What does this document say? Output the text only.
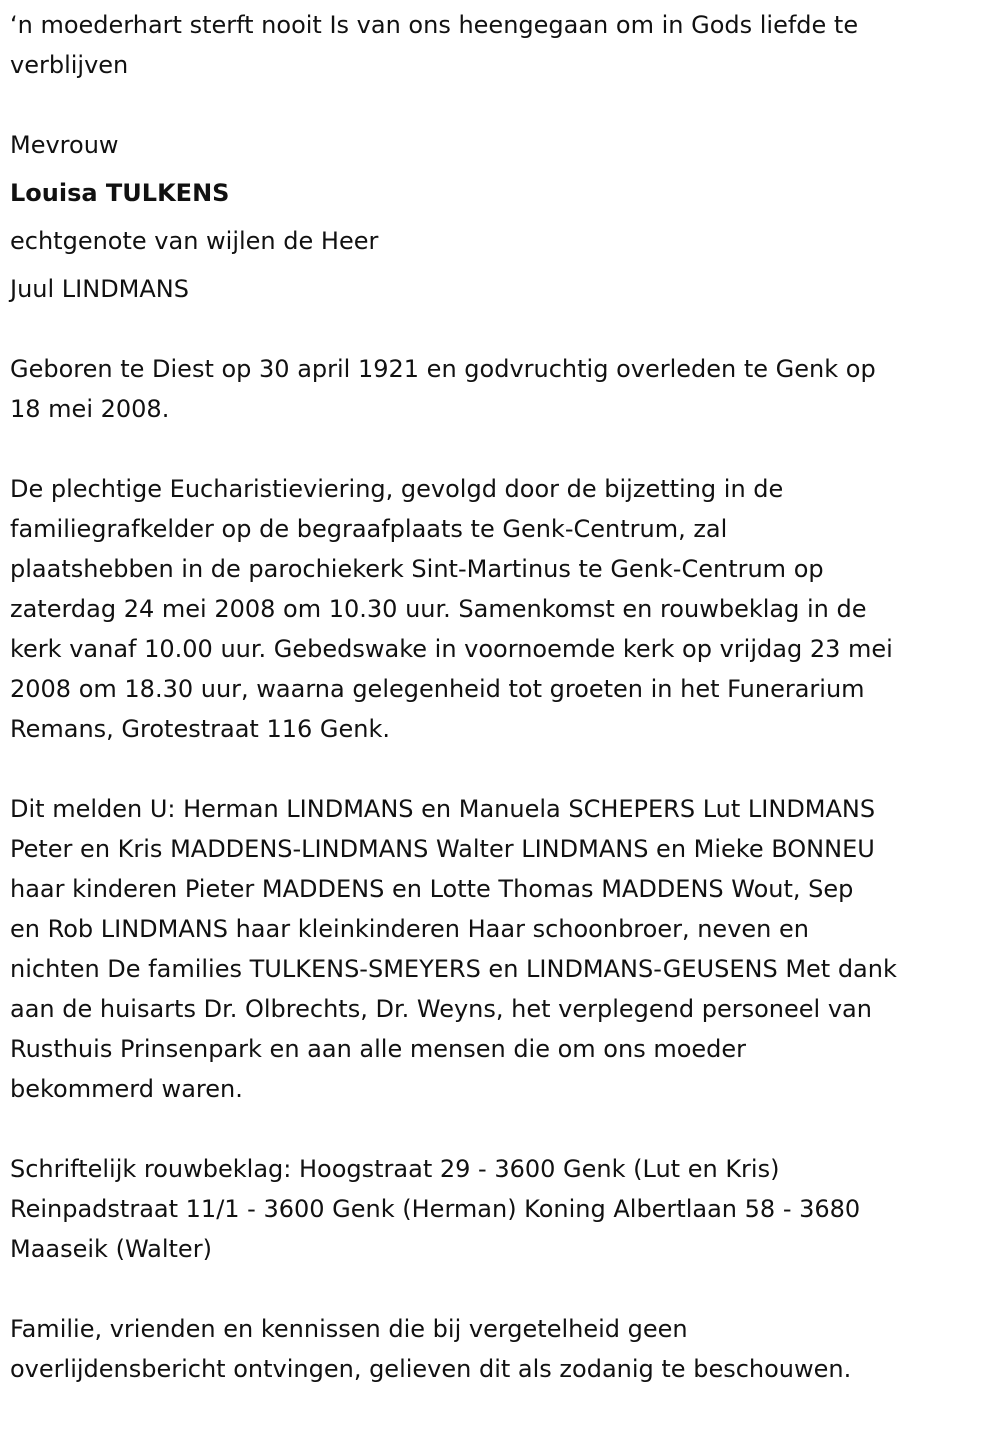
‘n moederhart sterft nooit Is van ons heengegaan om in Gods liefde te
verblijven
Mevrouw
Louisa TULKENS
echtgenote van wijlen de Heer
Juul LINDMANS
Geboren te Diest op 30 april 1921 en godvruchtig overleden te Genk op
18 mei 2008.
De plechtige Eucharistieviering, gevolgd door de bijzetting in de
familiegrafkelder op de begraafplaats te Genk-Centrum, zal
plaatshebben in de parochiekerk Sint-Martinus te Genk-Centrum op
zaterdag 24 mei 2008 om 10.30 uur. Samenkomst en rouwbeklag in de
kerk vanaf 10.00 uur. Gebedswake in voornoemde kerk op vrijdag 23 mei
2008 om 18.30 uur, waarna gelegenheid tot groeten in het Funerarium
Remans, Grotestraat 116 Genk.
Dit melden U: Herman LINDMANS en Manuela SCHEPERS Lut LINDMANS
Peter en Kris MADDENS-LINDMANS Walter LINDMANS en Mieke BONNEU
haar kinderen Pieter MADDENS en Lotte Thomas MADDENS Wout, Sep
en Rob LINDMANS haar kleinkinderen Haar schoonbroer, neven en
nichten De families TULKENS-SMEYERS en LINDMANS-GEUSENS Met dank
aan de huisarts Dr. Olbrechts, Dr. Weyns, het verplegend personeel van
Rusthuis Prinsenpark en aan alle mensen die om ons moeder
bekommerd waren.
Schriftelijk rouwbeklag: Hoogstraat 29 - 3600 Genk (Lut en Kris)
Reinpadstraat 11/1 - 3600 Genk (Herman) Koning Albertlaan 58 - 3680
Maaseik (Walter)
Familie, vrienden en kennissen die bij vergetelheid geen
overlijdensbericht ontvingen, gelieven dit als zodanig te beschouwen.
